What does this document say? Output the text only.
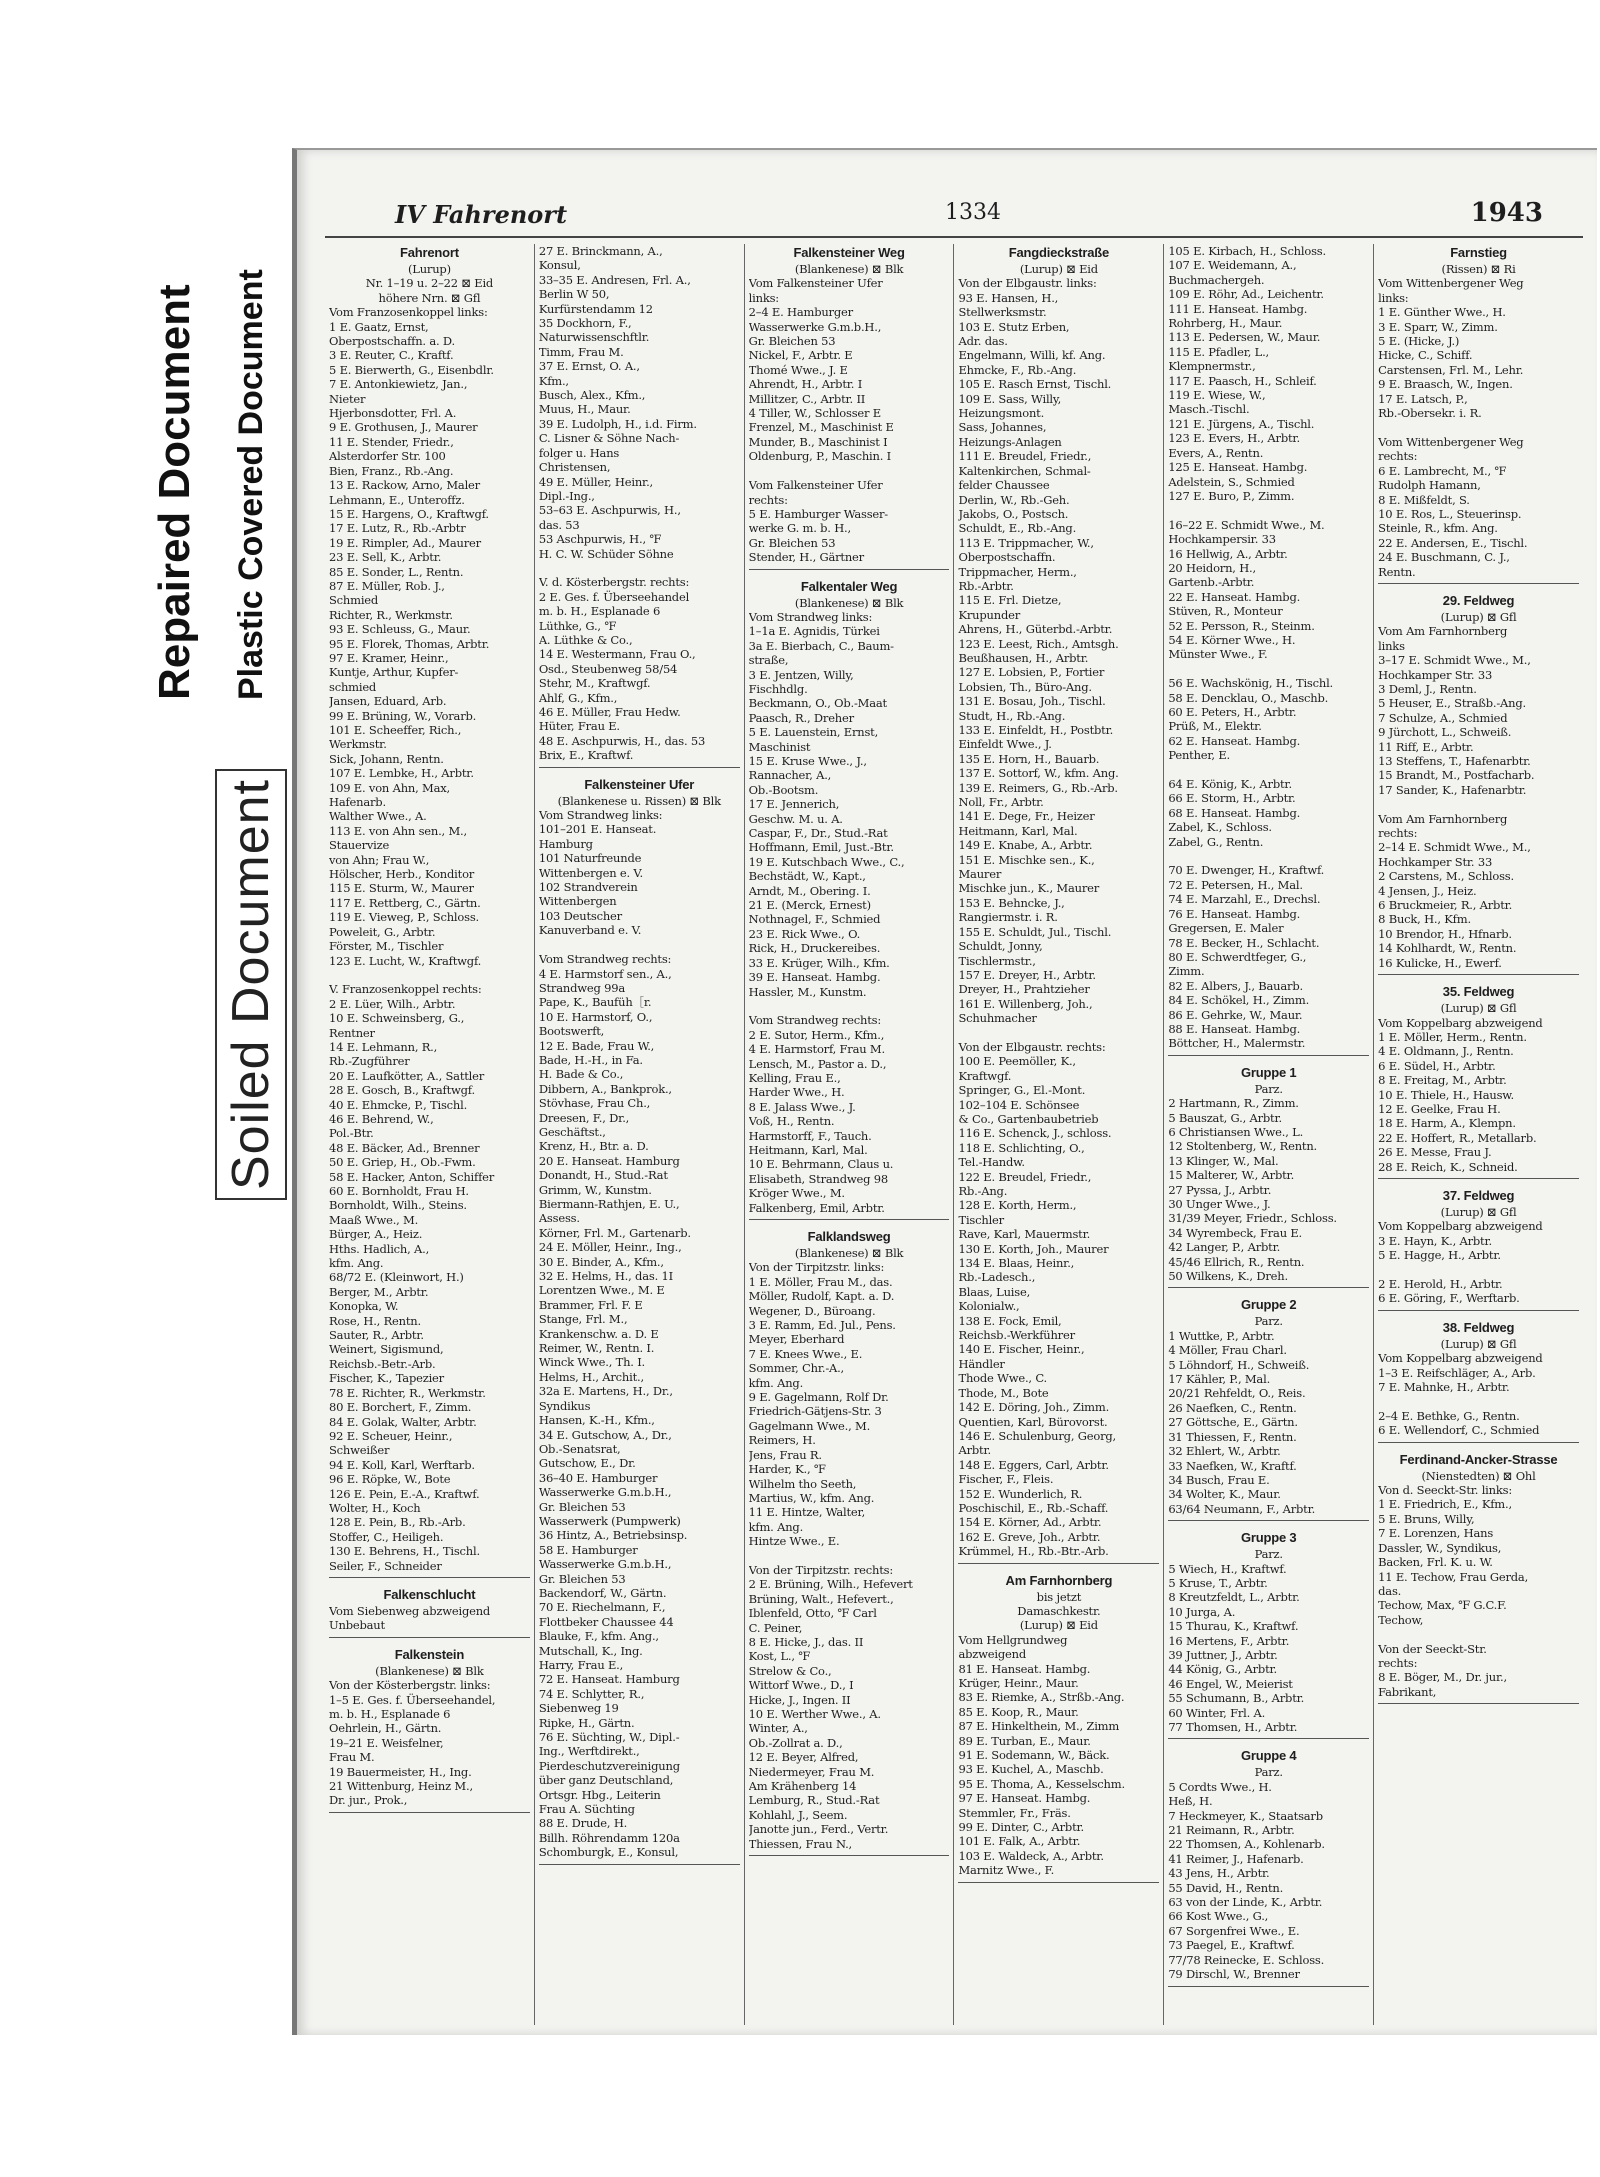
Repaired Document Plastic Covered Document
Soiled Document
IV Fahrenort	1334	1943
Fahrenort
(Lurup)
Nr. 1–19 u. 2–22 ⊠ Eid
höhere Nrn. ⊠ Gfl
Vom Franzosenkoppel links:
1 E. Gaatz, Ernst,
Oberpostschaffn. a. D.
3 E. Reuter, C., Kraftf.
5 E. Bierwerth, G., Eisenbdlr.
7 E. Antonkiewietz, Jan.,
Nieter
Hjerbonsdotter, Frl. A.
9 E. Grothusen, J., Maurer
11 E. Stender, Friedr.,
Alsterdorfer Str. 100
Bien, Franz., Rb.-Ang.
13 E. Rackow, Arno, Maler
Lehmann, E., Unteroffz.
15 E. Hargens, O., Kraftwgf.
17 E. Lutz, R., Rb.-Arbtr
19 E. Rimpler, Ad., Maurer
23 E. Sell, K., Arbtr.
85 E. Sonder, L., Rentn.
87 E. Müller, Rob. J.,
Schmied
Richter, R., Werkmstr.
93 E. Schleuss, G., Maur.
95 E. Florek, Thomas, Arbtr.
97 E. Kramer, Heinr.,
Kuntje, Arthur, Kupfer-
schmied
Jansen, Eduard, Arb.
99 E. Brüning, W., Vorarb.
101 E. Scheeffer, Rich.,
Werkmstr.
Sick, Johann, Rentn.
107 E. Lembke, H., Arbtr.
109 E. von Ahn, Max,
Hafenarb.
Walther Wwe., A.
113 E. von Ahn sen., M.,
Stauervize
von Ahn; Frau W.,
Hölscher, Herb., Konditor
115 E. Sturm, W., Maurer
117 E. Rettberg, C., Gärtn.
119 E. Vieweg, P., Schloss.
Poweleit, G., Arbtr.
Förster, M., Tischler
123 E. Lucht, W., Kraftwgf.

V. Franzosenkoppel rechts:
2 E. Lüer, Wilh., Arbtr.
10 E. Schweinsberg, G.,
Rentner
14 E. Lehmann, R.,
Rb.-Zugführer
20 E. Laufkötter, A., Sattler
28 E. Gosch, B., Kraftwgf.
40 E. Ehmcke, P., Tischl.
46 E. Behrend, W.,
Pol.-Btr.
48 E. Bäcker, Ad., Brenner
50 E. Griep, H., Ob.-Fwm.
58 E. Hacker, Anton, Schiffer
60 E. Bornholdt, Frau H.
Bornholdt, Wilh., Steins.
Maaß Wwe., M.
Bürger, A., Heiz.
Hths. Hadlich, A.,
kfm. Ang.
68/72 E. (Kleinwort, H.)
Berger, M., Arbtr.
Konopka, W.
Rose, H., Rentn.
Sauter, R., Arbtr.
Weinert, Sigismund,
Reichsb.-Betr.-Arb.
Fischer, K., Tapezier
78 E. Richter, R., Werkmstr.
80 E. Borchert, F., Zimm.
84 E. Golak, Walter, Arbtr.
92 E. Scheuer, Heinr.,
Schweißer
94 E. Koll, Karl, Werftarb.
96 E. Röpke, W., Bote
126 E. Pein, E.-A., Kraftwf.
Wolter, H., Koch
128 E. Pein, B., Rb.-Arb.
Stoffer, C., Heiligeh.
130 E. Behrens, H., Tischl.
Seiler, F., Schneider
Falkenschlucht
Vom Siebenweg abzweigend
Unbebaut
Falkenstein
(Blankenese) ⊠ Blk
Von der Kösterbergstr. links:
1–5 E. Ges. f. Überseehandel,
m. b. H., Esplanade 6
Oehrlein, H., Gärtn.
19–21 E. Weisfelner,
Frau M.
19 Bauermeister, H., Ing.
21 Wittenburg, Heinz M.,
Dr. jur., Prok.,
27 E. Brinckmann, A.,
Konsul,
33–35 E. Andresen, Frl. A.,
Berlin W 50,
Kurfürstendamm 12
35 Dockhorn, F.,
Naturwissenschftlr.
Timm, Frau M.
37 E. Ernst, O. A.,
Kfm.,
Busch, Alex., Kfm.,
Muus, H., Maur.
39 E. Ludolph, H., i.d. Firm.
C. Lisner & Söhne Nach-
folger u. Hans
Christensen,
49 E. Müller, Heinr.,
Dipl.-Ing.,
53–63 E. Aschpurwis, H.,
das. 53
53 Aschpurwis, H., ℉
H. C. W. Schüder Söhne

V. d. Kösterbergstr. rechts:
2 E. Ges. f. Überseehandel
m. b. H., Esplanade 6
Lüthke, G., ℉
A. Lüthke & Co.,
14 E. Westermann, Frau O.,
Osd., Steubenweg 58/54
Stehr, M., Kraftwgf.
Ahlf, G., Kfm.,
46 E. Müller, Frau Hedw.
Hüter, Frau E.
48 E. Aschpurwis, H., das. 53
Brix, E., Kraftwf.
Falkensteiner Ufer
(Blankenese u. Rissen) ⊠ Blk
Vom Strandweg links:
101–201 E. Hanseat.
Hamburg
101 Naturfreunde
Wittenbergen e. V.
102 Strandverein
Wittenbergen
103 Deutscher
Kanuverband e. V.

Vom Strandweg rechts:
4 E. Harmstorf sen., A.,
Strandweg 99a
Pape, K., Baufüh［r.
10 E. Harmstorf, O.,
Bootswerft,
12 E. Bade, Frau W.,
Bade, H.-H., in Fa.
H. Bade & Co.,
Dibbern, A., Bankprok.,
Stövhase, Frau Ch.,
Dreesen, F., Dr.,
Geschäftst.,
Krenz, H., Btr. a. D.
20 E. Hanseat. Hamburg
Donandt, H., Stud.-Rat
Grimm, W., Kunstm.
Biermann-Rathjen, E. U.,
Assess.
Körner, Frl. M., Gartenarb.
24 E. Möller, Heinr., Ing.,
30 E. Binder, A., Kfm.,
32 E. Helms, H., das. 1I
Lorentzen Wwe., M. E
Brammer, Frl. F. E
Stange, Frl. M.,
Krankenschw. a. D. E
Reimer, W., Rentn. I.
Winck Wwe., Th. I.
Helms, H., Archit.,
32a E. Martens, H., Dr.,
Syndikus
Hansen, K.-H., Kfm.,
34 E. Gutschow, A., Dr.,
Ob.-Senatsrat,
Gutschow, E., Dr.
36–40 E. Hamburger
Wasserwerke G.m.b.H.,
Gr. Bleichen 53
Wasserwerk (Pumpwerk)
36 Hintz, A., Betriebsinsp.
58 E. Hamburger
Wasserwerke G.m.b.H.,
Gr. Bleichen 53
Backendorf, W., Gärtn.
70 E. Riechelmann, F.,
Flottbeker Chaussee 44
Blauke, F., kfm. Ang.,
Mutschall, K., Ing.
Harry, Frau E.,
72 E. Hanseat. Hamburg
74 E. Schlytter, R.,
Siebenweg 19
Ripke, H., Gärtn.
76 E. Süchting, W., Dipl.-
Ing., Werftdirekt.,
Pierdeschutzvereinigung
über ganz Deutschland,
Ortsgr. Hbg., Leiterin
Frau A. Süchting
88 E. Drude, H.
Billh. Röhrendamm 120a
Schomburgk, E., Konsul,
Falkensteiner Weg
(Blankenese) ⊠ Blk
Vom Falkensteiner Ufer
links:
2–4 E. Hamburger
Wasserwerke G.m.b.H.,
Gr. Bleichen 53
Nickel, F., Arbtr. E
Thomé Wwe., J. E
Ahrendt, H., Arbtr. I
Millitzer, C., Arbtr. II
4 Tiller, W., Schlosser E
Frenzel, M., Maschinist E
Munder, B., Maschinist I
Oldenburg, P., Maschin. I

Vom Falkensteiner Ufer
rechts:
5 E. Hamburger Wasser-
werke G. m. b. H.,
Gr. Bleichen 53
Stender, H., Gärtner
Falkentaler Weg
(Blankenese) ⊠ Blk
Vom Strandweg links:
1–1a E. Agnidis, Türkei
3a E. Bierbach, C., Baum-
straße,
3 E. Jentzen, Willy,
Fischhdlg.
Beckmann, O., Ob.-Maat
Paasch, R., Dreher
5 E. Lauenstein, Ernst,
Maschinist
15 E. Kruse Wwe., J.,
Rannacher, A.,
Ob.-Bootsm.
17 E. Jennerich,
Geschw. M. u. A.
Caspar, F., Dr., Stud.-Rat
Hoffmann, Emil, Just.-Btr.
19 E. Kutschbach Wwe., C.,
Bechstädt, W., Kapt.,
Arndt, M., Obering. I.
21 E. (Merck, Ernest)
Nothnagel, F., Schmied
23 E. Rick Wwe., O.
Rick, H., Druckereibes.
33 E. Krüger, Wilh., Kfm.
39 E. Hanseat. Hambg.
Hassler, M., Kunstm.

Vom Strandweg rechts:
2 E. Sutor, Herm., Kfm.,
4 E. Harmstorf, Frau M.
Lensch, M., Pastor a. D.,
Kelling, Frau E.,
Harder Wwe., H.
8 E. Jalass Wwe., J.
Voß, H., Rentn.
Harmstorff, F., Tauch.
Heitmann, Karl, Mal.
10 E. Behrmann, Claus u.
Elisabeth, Strandweg 98
Kröger Wwe., M.
Falkenberg, Emil, Arbtr.
Falklandsweg
(Blankenese) ⊠ Blk
Von der Tirpitzstr. links:
1 E. Möller, Frau M., das.
Möller, Rudolf, Kapt. a. D.
Wegener, D., Büroang.
3 E. Ramm, Ed. Jul., Pens.
Meyer, Eberhard
7 E. Knees Wwe., E.
Sommer, Chr.-A.,
kfm. Ang.
9 E. Gagelmann, Rolf Dr.
Friedrich-Gätjens-Str. 3
Gagelmann Wwe., M.
Reimers, H.
Jens, Frau R.
Harder, K., ℉
Wilhelm tho Seeth,
Martius, W., kfm. Ang.
11 E. Hintze, Walter,
kfm. Ang.
Hintze Wwe., E.

Von der Tirpitzstr. rechts:
2 E. Brüning, Wilh., Hefevert
Brüning, Walt., Hefevert.,
Iblenfeld, Otto, ℉ Carl
C. Peiner,
8 E. Hicke, J., das. II
Kost, L., ℉
Strelow & Co.,
Wittorf Wwe., D., I
Hicke, J., Ingen. II
10 E. Werther Wwe., A.
Winter, A.,
Ob.-Zollrat a. D.,
12 E. Beyer, Alfred,
Niedermeyer, Frau M.
Am Krähenberg 14
Lemburg, R., Stud.-Rat
Kohlahl, J., Seem.
Janotte jun., Ferd., Vertr.
Thiessen, Frau N.,
Fangdieckstraße
(Lurup) ⊠ Eid
Von der Elbgaustr. links:
93 E. Hansen, H.,
Stellwerksmstr.
103 E. Stutz Erben,
Adr. das.
Engelmann, Willi, kf. Ang.
Ehmcke, F., Rb.-Ang.
105 E. Rasch Ernst, Tischl.
109 E. Sass, Willy,
Heizungsmont.
Sass, Johannes,
Heizungs-Anlagen
111 E. Breudel, Friedr.,
Kaltenkirchen, Schmal-
felder Chaussee
Derlin, W., Rb.-Geh.
Jakobs, O., Postsch.
Schuldt, E., Rb.-Ang.
113 E. Trippmacher, W.,
Oberpostschaffn.
Trippmacher, Herm.,
Rb.-Arbtr.
115 E. Frl. Dietze,
Krupunder
Ahrens, H., Güterbd.-Arbtr.
123 E. Leest, Rich., Amtsgh.
Beußhausen, H., Arbtr.
127 E. Lobsien, P., Fortier
Lobsien, Th., Büro-Ang.
131 E. Bosau, Joh., Tischl.
Studt, H., Rb.-Ang.
133 E. Einfeldt, H., Postbtr.
Einfeldt Wwe., J.
135 E. Horn, H., Bauarb.
137 E. Sottorf, W., kfm. Ang.
139 E. Reimers, G., Rb.-Arb.
Noll, Fr., Arbtr.
141 E. Dege, Fr., Heizer
Heitmann, Karl, Mal.
149 E. Knabe, A., Arbtr.
151 E. Mischke sen., K.,
Maurer
Mischke jun., K., Maurer
153 E. Behncke, J.,
Rangiermstr. i. R.
155 E. Schuldt, Jul., Tischl.
Schuldt, Jonny,
Tischlermstr.,
157 E. Dreyer, H., Arbtr.
Dreyer, H., Prahtzieher
161 E. Willenberg, Joh.,
Schuhmacher

Von der Elbgaustr. rechts:
100 E. Peemöller, K.,
Kraftwgf.
Springer, G., El.-Mont.
102–104 E. Schönsee
& Co., Gartenbaubetrieb
116 E. Schenck, J., schloss.
118 E. Schlichting, O.,
Tel.-Handw.
122 E. Breudel, Friedr.,
Rb.-Ang.
128 E. Korth, Herm.,
Tischler
Rave, Karl, Mauermstr.
130 E. Korth, Joh., Maurer
134 E. Blaas, Heinr.,
Rb.-Ladesch.,
Blaas, Luise,
Kolonialw.,
138 E. Fock, Emil,
Reichsb.-Werkführer
140 E. Fischer, Heinr.,
Händler
Thode Wwe., C.
Thode, M., Bote
142 E. Döring, Joh., Zimm.
Quentien, Karl, Bürovorst.
146 E. Schulenburg, Georg,
Arbtr.
148 E. Eggers, Carl, Arbtr.
Fischer, F., Fleis.
152 E. Wunderlich, R.
Poschischil, E., Rb.-Schaff.
154 E. Körner, Ad., Arbtr.
162 E. Greve, Joh., Arbtr.
Krümmel, H., Rb.-Btr.-Arb.
Am Farnhornberg
bis jetzt
Damaschkestr.
(Lurup) ⊠ Eid
Vom Hellgrundweg
abzweigend
81 E. Hanseat. Hambg.
Krüger, Heinr., Maur.
83 E. Riemke, A., Strßb.-Ang.
85 E. Koop, R., Maur.
87 E. Hinkelthein, M., Zimm
89 E. Turban, E., Maur.
91 E. Sodemann, W., Bäck.
93 E. Kuchel, A., Maschb.
95 E. Thoma, A., Kesselschm.
97 E. Hanseat. Hambg.
Stemmler, Fr., Fräs.
99 E. Dinter, C., Arbtr.
101 E. Falk, A., Arbtr.
103 E. Waldeck, A., Arbtr.
Marnitz Wwe., F.
105 E. Kirbach, H., Schloss.
107 E. Weidemann, A.,
Buchmachergeh.
109 E. Röhr, Ad., Leichentr.
111 E. Hanseat. Hambg.
Rohrberg, H., Maur.
113 E. Pedersen, W., Maur.
115 E. Pfadler, L.,
Klempnermstr.,
117 E. Paasch, H., Schleif.
119 E. Wiese, W.,
Masch.-Tischl.
121 E. Jürgens, A., Tischl.
123 E. Evers, H., Arbtr.
Evers, A., Rentn.
125 E. Hanseat. Hambg.
Adelstein, S., Schmied
127 E. Buro, P., Zimm.

16–22 E. Schmidt Wwe., M.
Hochkampersir. 33
16 Hellwig, A., Arbtr.
20 Heidorn, H.,
Gartenb.-Arbtr.
22 E. Hanseat. Hambg.
Stüven, R., Monteur
52 E. Persson, R., Steinm.
54 E. Körner Wwe., H.
Münster Wwe., F.

56 E. Wachskönig, H., Tischl.
58 E. Dencklau, O., Maschb.
60 E. Peters, H., Arbtr.
Prüß, M., Elektr.
62 E. Hanseat. Hambg.
Penther, E.

64 E. König, K., Arbtr.
66 E. Storm, H., Arbtr.
68 E. Hanseat. Hambg.
Zabel, K., Schloss.
Zabel, G., Rentn.

70 E. Dwenger, H., Kraftwf.
72 E. Petersen, H., Mal.
74 E. Marzahl, E., Drechsl.
76 E. Hanseat. Hambg.
Gregersen, E. Maler
78 E. Becker, H., Schlacht.
80 E. Schwerdtfeger, G.,
Zimm.
82 E. Albers, J., Bauarb.
84 E. Schökel, H., Zimm.
86 E. Gehrke, W., Maur.
88 E. Hanseat. Hambg.
Böttcher, H., Malermstr.
Gruppe 1
Parz.
2 Hartmann, R., Zimm.
5 Bauszat, G., Arbtr.
6 Christiansen Wwe., L.
12 Stoltenberg, W., Rentn.
13 Klinger, W., Mal.
15 Malterer, W., Arbtr.
27 Pyssa, J., Arbtr.
30 Unger Wwe., J.
31/39 Meyer, Friedr., Schloss.
34 Wyrembeck, Frau E.
42 Langer, P., Arbtr.
45/46 Ellrich, R., Rentn.
50 Wilkens, K., Dreh.
Gruppe 2
Parz.
1 Wuttke, P., Arbtr.
4 Möller, Frau Charl.
5 Löhndorf, H., Schweiß.
17 Kähler, P., Mal.
20/21 Rehfeldt, O., Reis.
26 Naefken, C., Rentn.
27 Göttsche, E., Gärtn.
31 Thiessen, F., Rentn.
32 Ehlert, W., Arbtr.
33 Naefken, W., Kraftf.
34 Busch, Frau E.
34 Wolter, K., Maur.
63/64 Neumann, F., Arbtr.
Gruppe 3
Parz.
5 Wiech, H., Kraftwf.
5 Kruse, T., Arbtr.
8 Kreutzfeldt, L., Arbtr.
10 Jurga, A.
15 Thurau, K., Kraftwf.
16 Mertens, F., Arbtr.
39 Juttner, J., Arbtr.
44 König, G., Arbtr.
46 Engel, W., Meierist
55 Schumann, B., Arbtr.
60 Winter, Frl. A.
77 Thomsen, H., Arbtr.
Gruppe 4
Parz.
5 Cordts Wwe., H.
Heß, H.
7 Heckmeyer, K., Staatsarb
21 Reimann, R., Arbtr.
22 Thomsen, A., Kohlenarb.
41 Reimer, J., Hafenarb.
43 Jens, H., Arbtr.
55 David, H., Rentn.
63 von der Linde, K., Arbtr.
66 Kost Wwe., G.,
67 Sorgenfrei Wwe., E.
73 Paegel, E., Kraftwf.
77/78 Reinecke, E. Schloss.
79 Dirschl, W., Brenner
Farnstieg
(Rissen) ⊠ Ri
Vom Wittenbergener Weg
links:
1 E. Günther Wwe., H.
3 E. Sparr, W., Zimm.
5 E. (Hicke, J.)
Hicke, C., Schiff.
Carstensen, Frl. M., Lehr.
9 E. Braasch, W., Ingen.
17 E. Latsch, P.,
Rb.-Obersekr. i. R.

Vom Wittenbergener Weg
rechts:
6 E. Lambrecht, M., ℉
Rudolph Hamann,
8 E. Mißfeldt, S.
10 E. Ros, L., Steuerinsp.
Steinle, R., kfm. Ang.
22 E. Andersen, E., Tischl.
24 E. Buschmann, C. J.,
Rentn.
29. Feldweg
(Lurup) ⊠ Gfl
Vom Am Farnhornberg
links
3–17 E. Schmidt Wwe., M.,
Hochkamper Str. 33
3 Deml, J., Rentn.
5 Heuser, E., Straßb.-Ang.
7 Schulze, A., Schmied
9 Jürchott, L., Schweiß.
11 Riff, E., Arbtr.
13 Steffens, T., Hafenarbtr.
15 Brandt, M., Postfacharb.
17 Sander, K., Hafenarbtr.

Vom Am Farnhornberg
rechts:
2–14 E. Schmidt Wwe., M.,
Hochkamper Str. 33
2 Carstens, M., Schloss.
4 Jensen, J., Heiz.
6 Bruckmeier, R., Arbtr.
8 Buck, H., Kfm.
10 Brendor, H., Hfnarb.
14 Kohlhardt, W., Rentn.
16 Kulicke, H., Ewerf.
35. Feldweg
(Lurup) ⊠ Gfl
Vom Koppelbarg abzweigend
1 E. Möller, Herm., Rentn.
4 E. Oldmann, J., Rentn.
6 E. Südel, H., Arbtr.
8 E. Freitag, M., Arbtr.
10 E. Thiele, H., Hausw.
12 E. Geelke, Frau H.
18 E. Harm, A., Klempn.
22 E. Hoffert, R., Metallarb.
26 E. Messe, Frau J.
28 E. Reich, K., Schneid.
37. Feldweg
(Lurup) ⊠ Gfl
Vom Koppelbarg abzweigend
3 E. Hayn, K., Arbtr.
5 E. Hagge, H., Arbtr.

2 E. Herold, H., Arbtr.
6 E. Göring, F., Werftarb.
38. Feldweg
(Lurup) ⊠ Gfl
Vom Koppelbarg abzweigend
1–3 E. Reifschläger, A., Arb.
7 E. Mahnke, H., Arbtr.

2–4 E. Bethke, G., Rentn.
6 E. Wellendorf, C., Schmied
Ferdinand-Ancker-Strasse
(Nienstedten) ⊠ Ohl
Von d. Seeckt-Str. links:
1 E. Friedrich, E., Kfm.,
5 E. Bruns, Willy,
7 E. Lorenzen, Hans
Dassler, W., Syndikus,
Backen, Frl. K. u. W.
11 E. Techow, Frau Gerda,
das.
Techow, Max, ℉ G.C.F.
Techow,

Von der Seeckt-Str.
rechts:
8 E. Böger, M., Dr. jur.,
Fabrikant,
